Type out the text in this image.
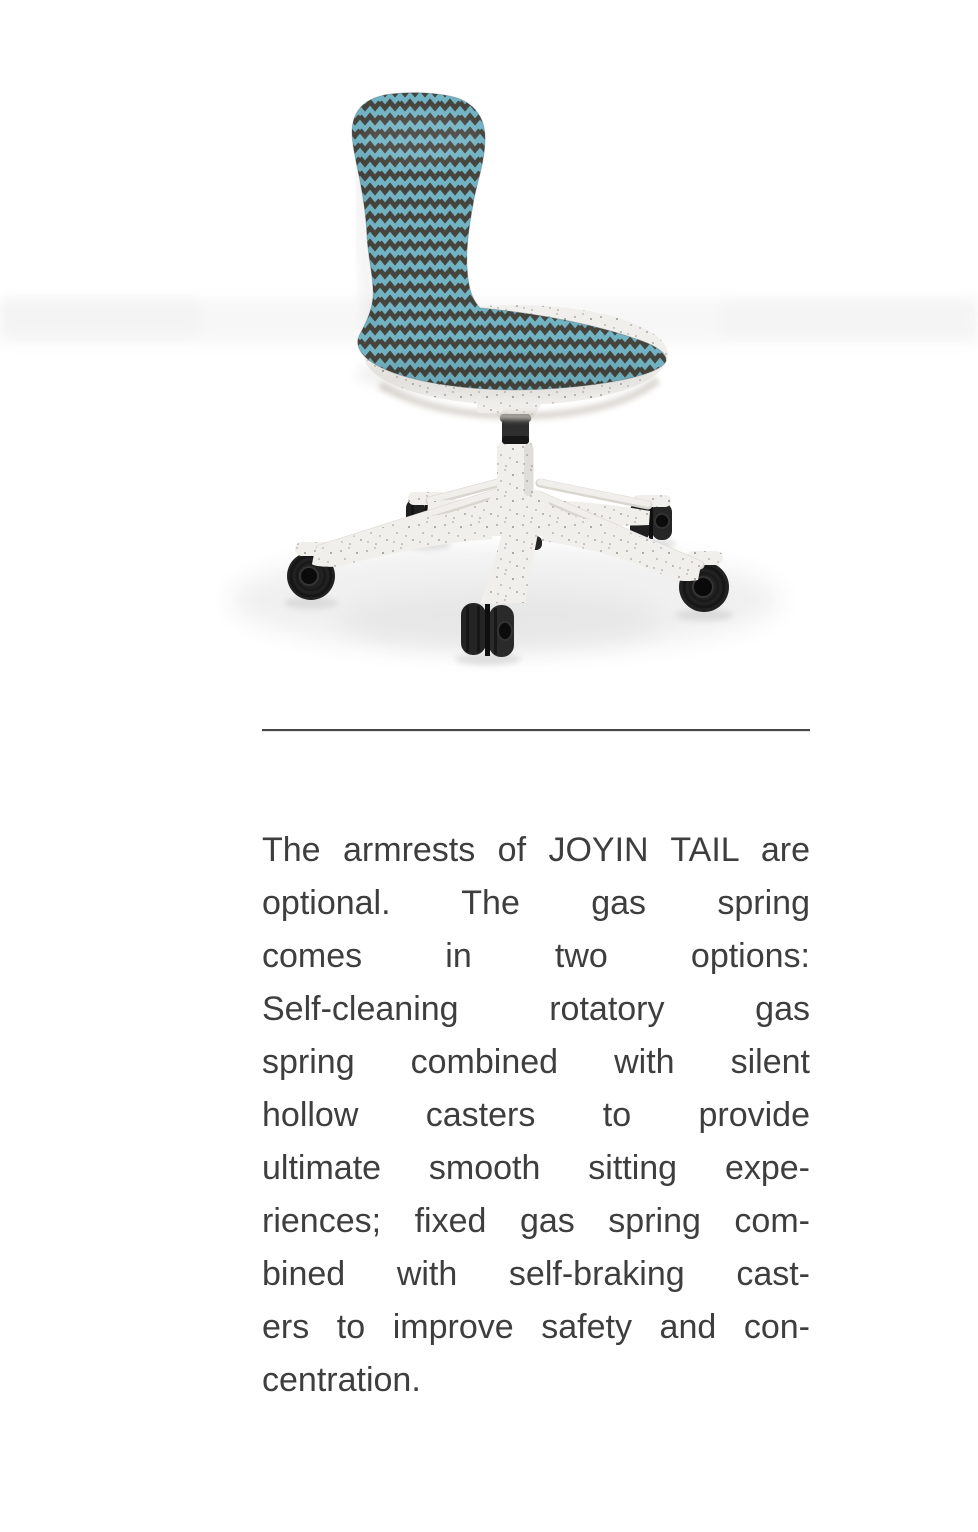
The armrests of JOYIN TAIL are

optional. The gas spring

comes in two options:

Self-cleaning rotatory gas

spring combined with silent

hollow casters to provide

ultimate smooth sitting expe-

riences; fixed gas spring com-

bined with self-braking cast-

ers to improve safety and con-

centration.
